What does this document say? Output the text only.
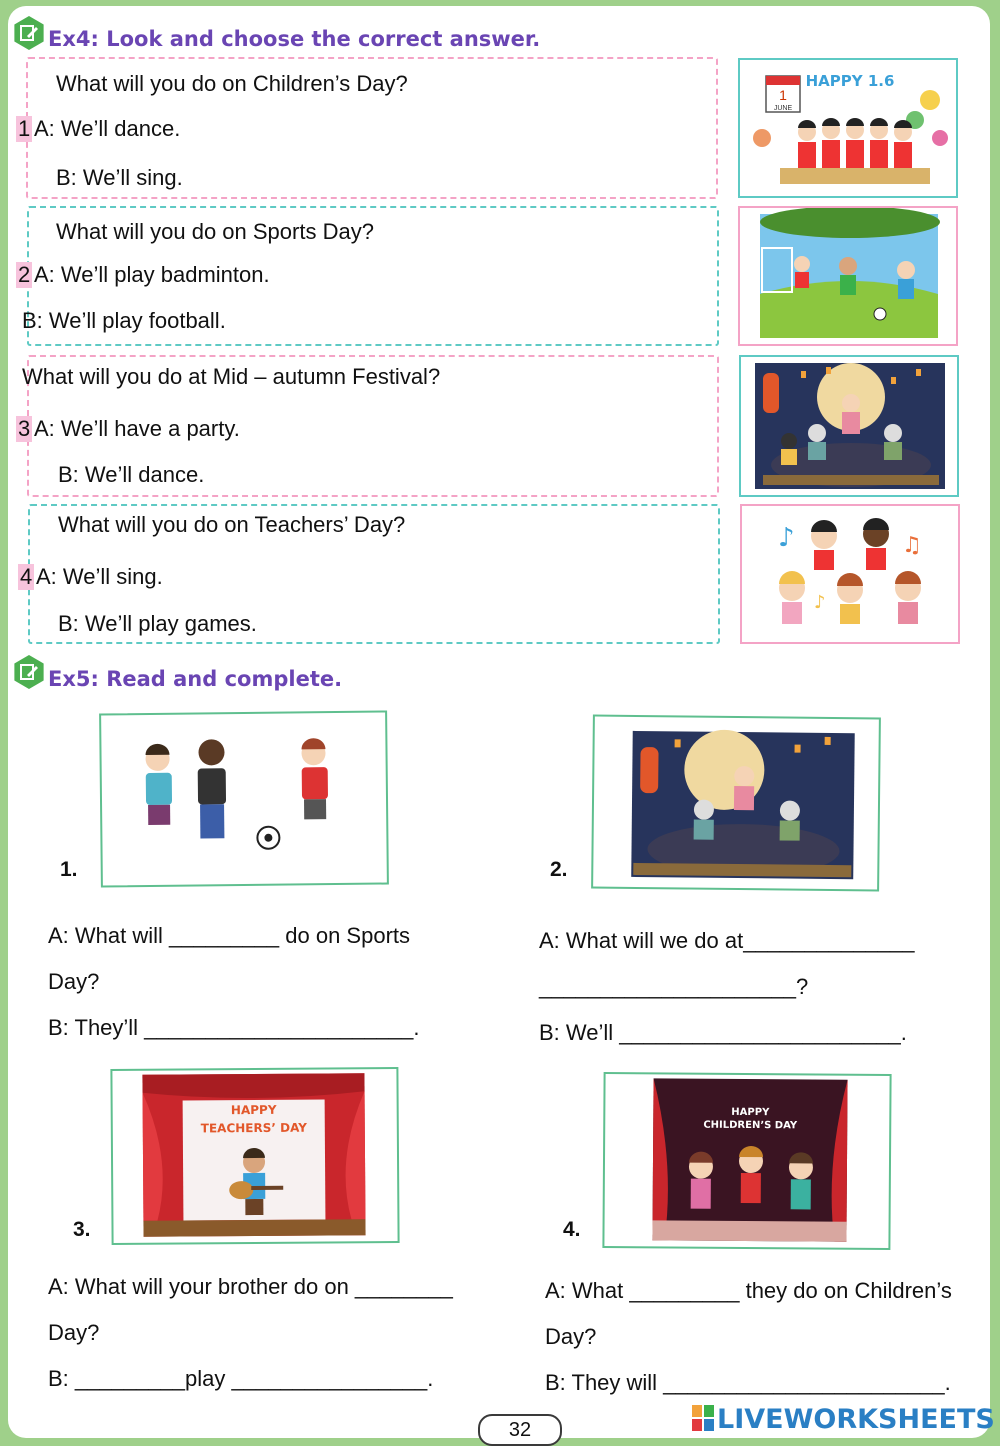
Ex4: Look and choose the correct answer.
What will you do on Children’s Day?
1 A: We’ll dance.
B: We’ll sing.
1
JUNE
HAPPY 1.6
What will you do on Sports Day?
2 A: We’ll play badminton.
B: We’ll play football.
What will you do at Mid – autumn Festival?
3 A: We’ll have a party.
B: We’ll dance.
What will you do on Teachers’ Day?
4 A: We’ll sing.
B: We’ll play games.
♪	♫
♪
Ex5: Read and complete.
1.
A: What will _________ do on Sports
Day?
B: They’ll ______________________.
2.
A: What will we do at______________
_____________________?
B: We’ll _______________________.
HAPPY
TEACHERS’ DAY
3.
A: What will your brother do on ________
Day?
B: _________play ________________.
HAPPY
CHILDREN’S DAY
4.
A: What _________ they do on Children’s
Day?
B: They will _______________________.
32	LIVEWORKSHEETS
